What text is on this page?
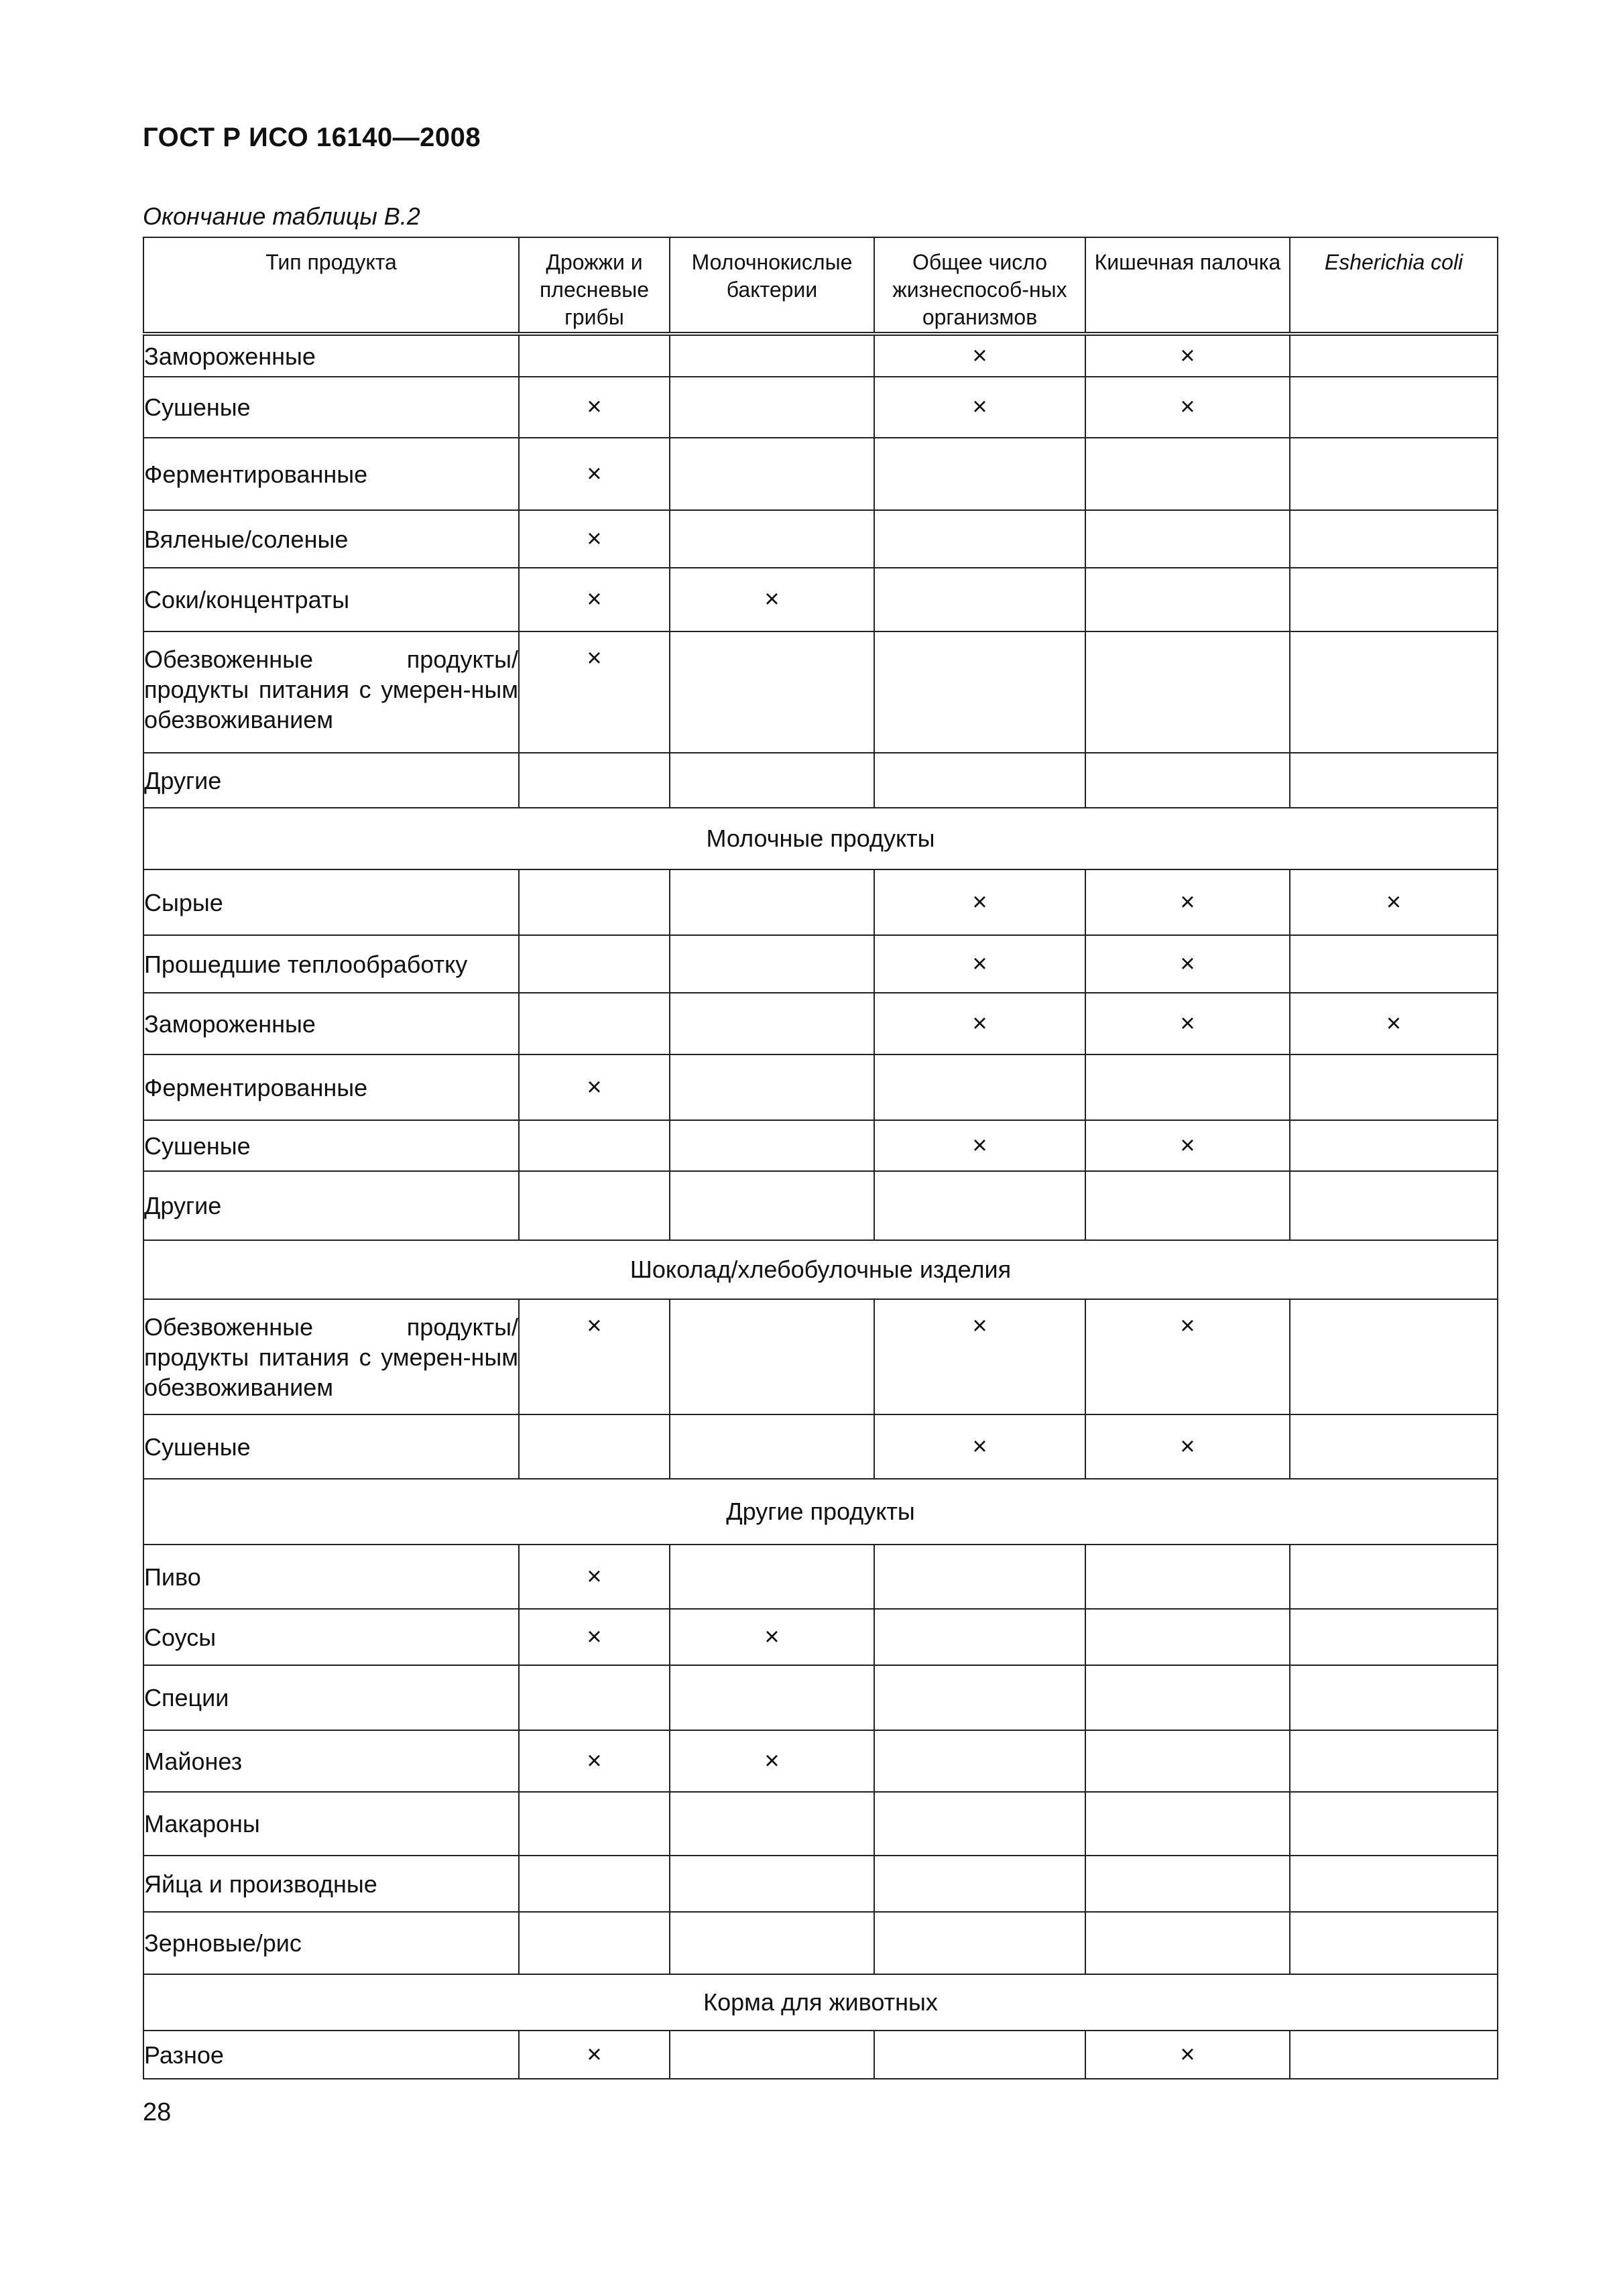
ГОСТ Р ИСО 16140—2008
Окончание таблицы В.2
Тип продукта	Дрожжи и плесневые грибы	Молочнокислые бактерии	Общее число жизнеспособ-ных организмов	Кишечная палочка	Esherichia coli
Замороженные			×	×	
Сушеные	×		×	×	
Ферментированные	×				
Вяленые/соленые	×				
Соки/концентраты	×	×			
Обезвоженные продукты/ продукты питания с умерен-ным обезвоживанием	×				
Другие					
Молочные продукты					
Сырые			×	×	×
Прошедшие теплообработку			×	×	
Замороженные			×	×	×
Ферментированные	×				
Сушеные			×	×	
Другие					
Шоколад/хлебобулочные изделия					
Обезвоженные продукты/ продукты питания с умерен-ным обезвоживанием	×		×	×	
Сушеные			×	×	
Другие продукты					
Пиво	×				
Соусы	×	×			
Специи					
Майонез	×	×			
Макароны					
Яйца и производные					
Зерновые/рис					
Корма для животных					
Разное	×			×	
28
